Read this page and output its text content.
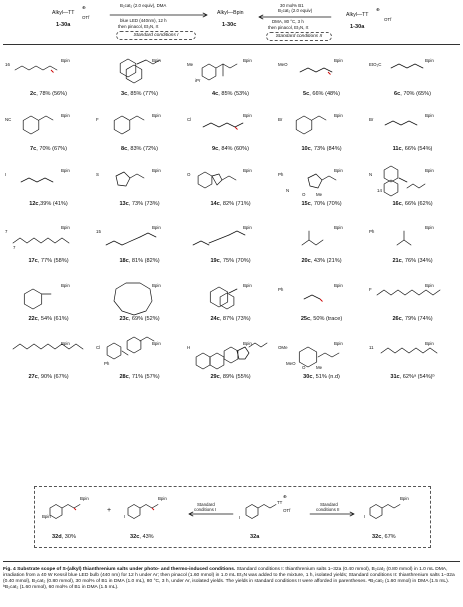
Alkyl—TT
⊕
OTf
1-30a
B₂cat₂ (2.0 equiv), DMA
blue LED (440nm), 12 h
then pinacol, Et₃N, rt
Standard conditions I
Alkyl—Bpin
1-30c
30 mol% B1
B₂cat₂ (2.0 equiv)
DMA, 80 °C, 3 h
then pinacol, Et₃N, rt
Standard conditions II
Alkyl—TT
⊕
OTf
1-30a
Bpin
16
2c, 78% (56%)
Bpin
3c, 85% (77%)
Bpin
Me
iPr
4c, 85% (53%)
Bpin
MeO
5c, 66% (48%)
Bpin
EtO₂C
6c, 70% (65%)
Bpin
NC
7c, 70% (67%)
Bpin
F
8c, 83% (72%)
Bpin
Cl
9c, 84% (60%)
Bpin
Br
10c, 73% (84%)
Bpin
Br
11c, 66% (54%)
Bpin
I
12c,39% (41%)
Bpin
S
13c, 73% (73%)
Bpin
O
14c, 82% (71%)
Bpin
Ph
N
O Me
15c, 70% (70%)
Bpin
N
14
16c, 66% (62%)
Bpin
7
7
17c, 77% (58%)
Bpin
15
18c, 81% (82%)
Bpin
19c, 75% (70%)
Bpin
20c, 43% (21%)
Bpin
Ph
21c, 76% (34%)
Bpin
22c, 54% (61%)
Bpin
23c, 69% (52%)
Bpin
24c, 87% (73%)
Bpin
Ph
25c, 50% (trace)
Bpin
F
26c, 79% (74%)
Bpin
27c, 90% (67%)
Bpin
Cl
Ph
28c, 71% (57%)
Bpin
H
29c, 89% (55%)
Bpin
OMe
MeO
O Me
30c, 51% (n.d)
Bpin
11
31c, 62%ᵃ (54%)ᵇ
Bpin
Bpin
32d, 30%
+
I
Bpin
32c, 43%
Standard
conditions I
I
TT
⊕
OTf
32a
Standard
conditions II
I
Bpin
32c, 67%
Fig. 4 Substrate scope of S-(alkyl) thianthrenium salts under photo- and thermo-induced conditions. Standard conditions I: thianthrenium salts 1–32a (0.40 mmol), B₂cat₂ (0.80 mmol) in 1.0 mL DMA, irradiation from a 40 W Kessil blue LED bulb (440 nm) for 12 h under Ar; then pinacol (1.60 mmol) in 1.0 mL Et₃N was added to the mixture, 1 h, isolated yields; Standard conditions II: thianthrenium salts 1–32a (0.40 mmol), B₂cat₂ (0.80 mmol), 30 mol% of B1 in DMA (1.0 mL), 80 °C, 3 h, under Ar, isolated yields. The yields in standard conditions II were afforded in parentheses. ᵃB₂cat₂ (1.60 mmol) in DMA (1.5 mL). ᵇB₂cat₂ (1.60 mmol), 60 mol% of B1 in DMA (1.5 mL).
